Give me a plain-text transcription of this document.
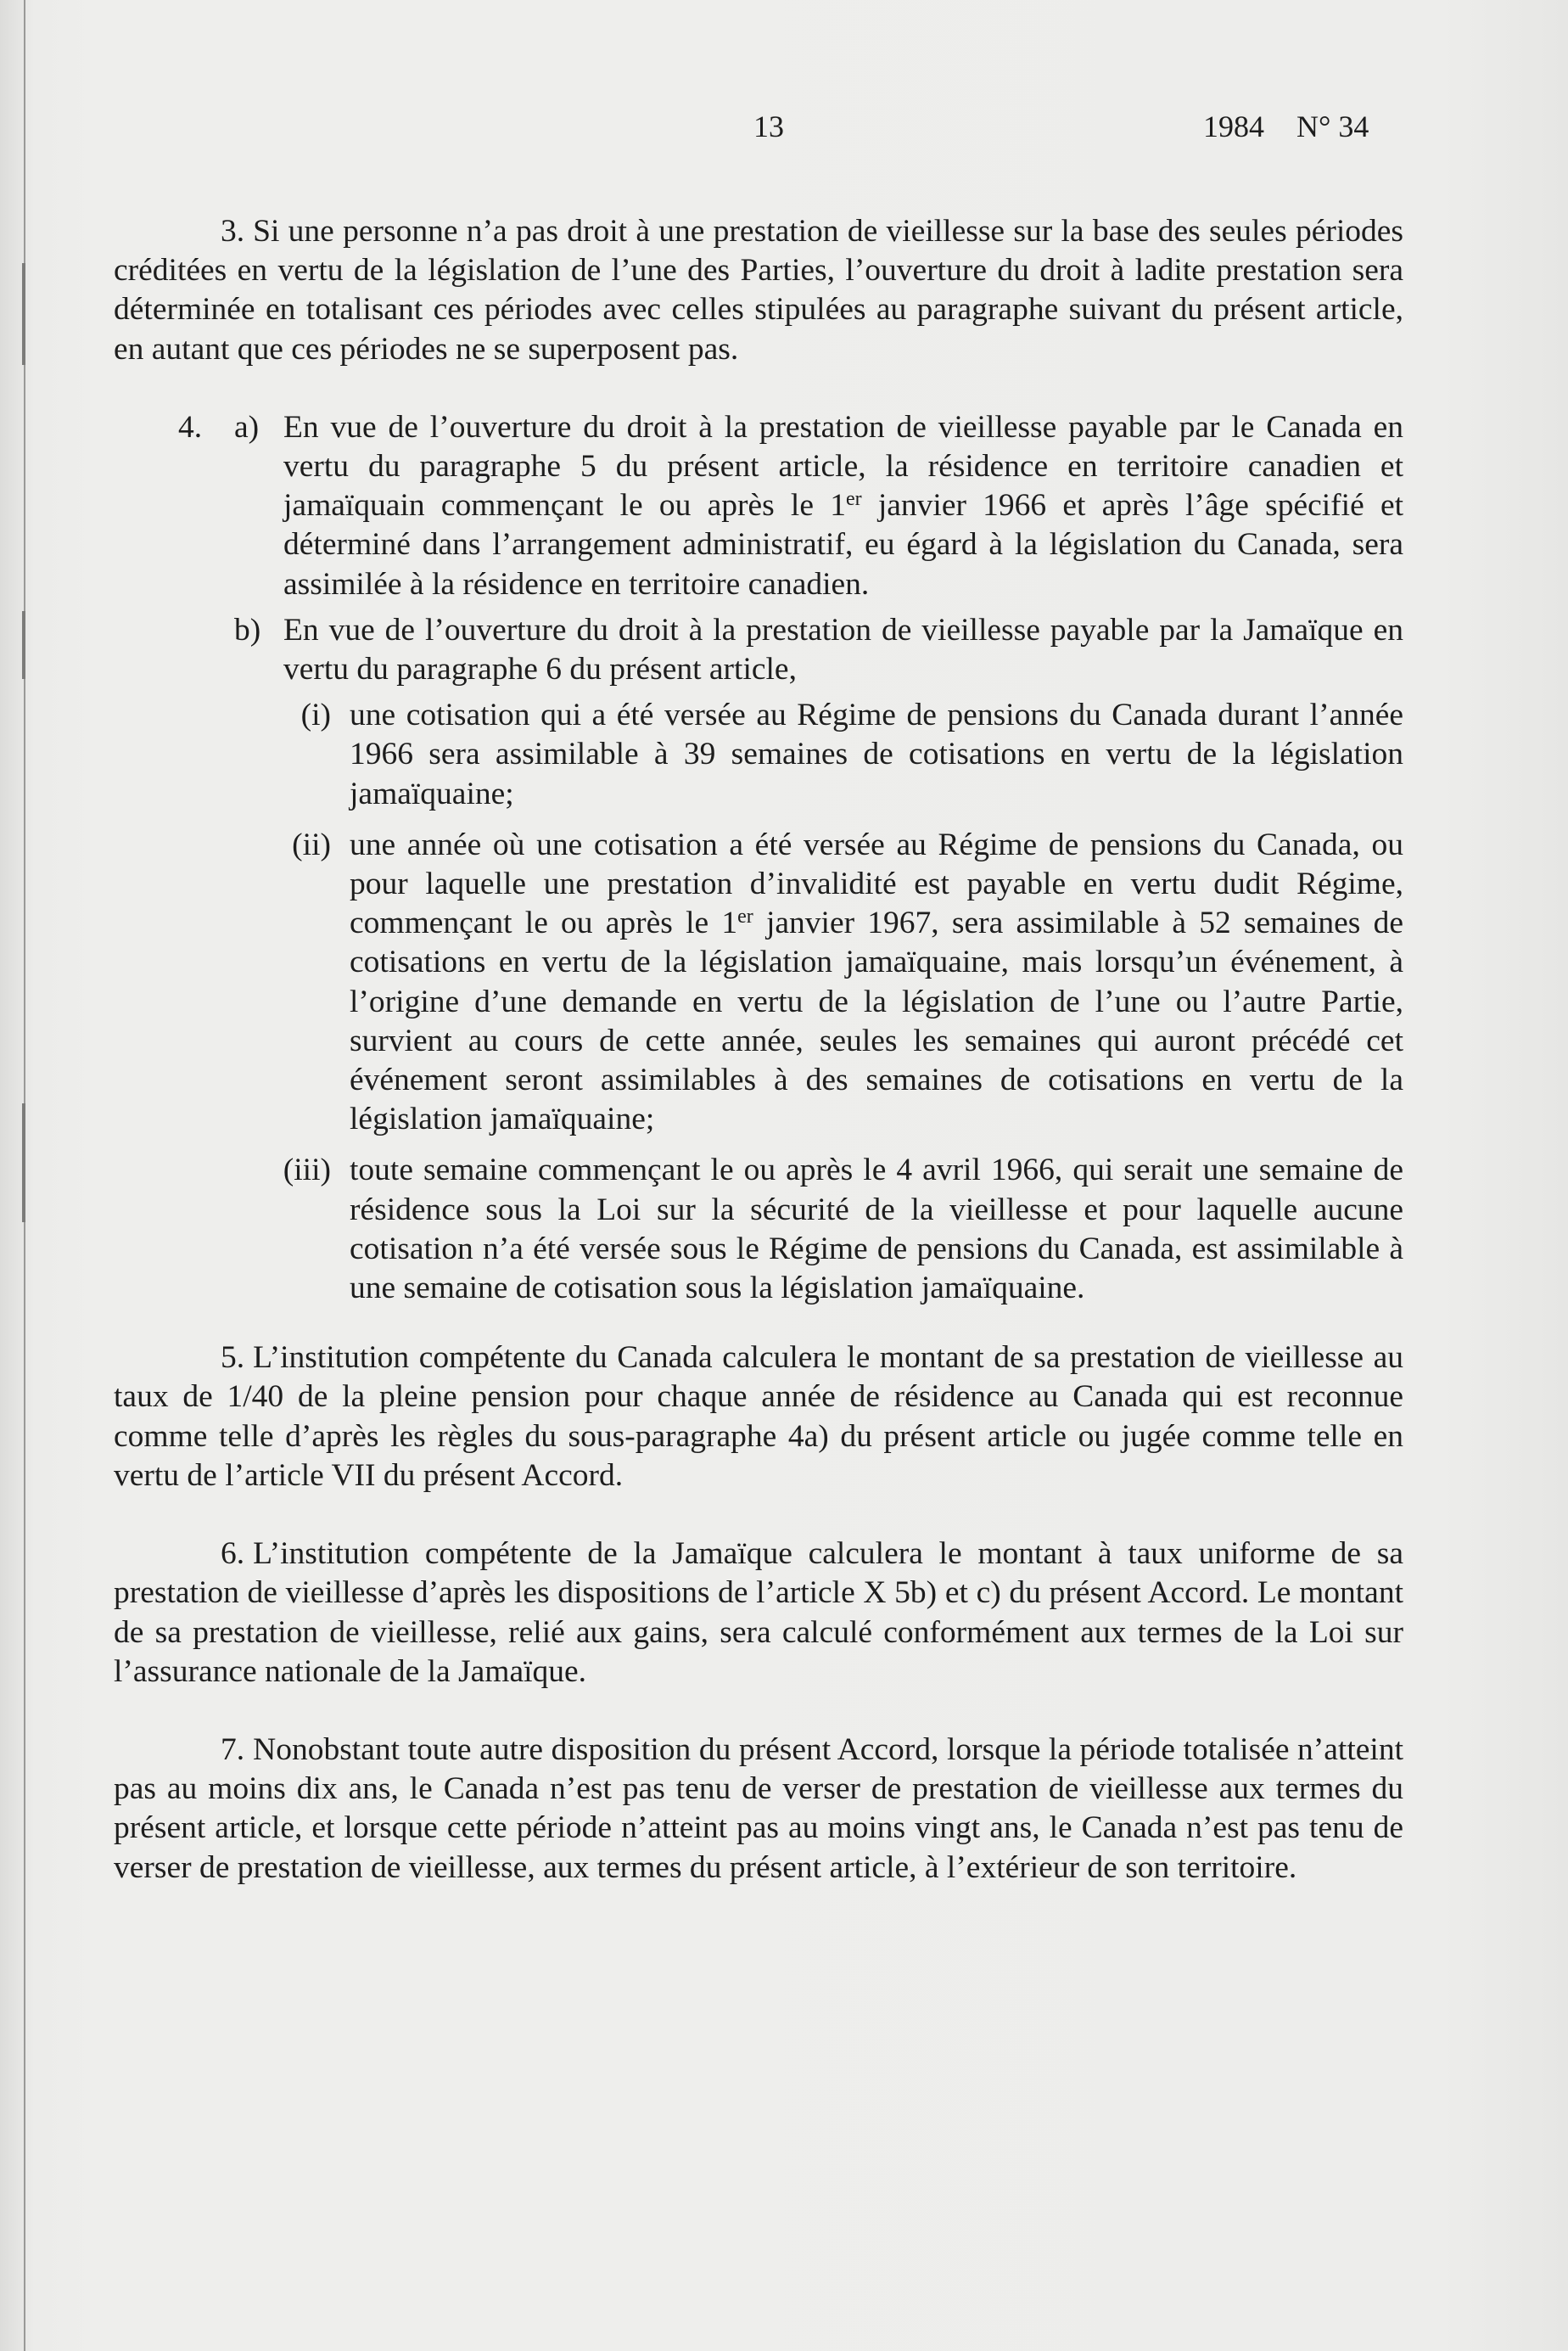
13	1984 N° 34

3. Si une personne n’a pas droit à une prestation de vieillesse sur la base des seules périodes créditées en vertu de la législation de l’une des Parties, l’ouverture du droit à ladite prestation sera déterminée en totalisant ces périodes avec celles stipulées au paragraphe suivant du présent article, en autant que ces périodes ne se superposent pas.

4. a) En vue de l’ouverture du droit à la prestation de vieillesse payable par le Canada en vertu du paragraphe 5 du présent article, la résidence en territoire canadien et jamaïquain commençant le ou après le 1er janvier 1966 et après l’âge spécifié et déterminé dans l’arrangement administratif, eu égard à la législation du Canada, sera assimilée à la résidence en territoire canadien.

b) En vue de l’ouverture du droit à la prestation de vieillesse payable par la Jamaïque en vertu du paragraphe 6 du présent article,

(i) une cotisation qui a été versée au Régime de pensions du Canada durant l’année 1966 sera assimilable à 39 semaines de cotisations en vertu de la législation jamaïquaine;

(ii) une année où une cotisation a été versée au Régime de pensions du Canada, ou pour laquelle une prestation d’invalidité est payable en vertu dudit Régime, commençant le ou après le 1er janvier 1967, sera assimilable à 52 semaines de cotisations en vertu de la législation jamaïquaine, mais lorsqu’un événement, à l’origine d’une demande en vertu de la législation de l’une ou l’autre Partie, survient au cours de cette année, seules les semaines qui auront précédé cet événement seront assimilables à des semaines de cotisations en vertu de la législation jamaïquaine;

(iii) toute semaine commençant le ou après le 4 avril 1966, qui serait une semaine de résidence sous la Loi sur la sécurité de la vieillesse et pour laquelle aucune cotisation n’a été versée sous le Régime de pensions du Canada, est assimilable à une semaine de cotisation sous la législation jamaïquaine.

5. L’institution compétente du Canada calculera le montant de sa prestation de vieillesse au taux de 1/40 de la pleine pension pour chaque année de résidence au Canada qui est reconnue comme telle d’après les règles du sous-paragraphe 4a) du présent article ou jugée comme telle en vertu de l’article VII du présent Accord.

6. L’institution compétente de la Jamaïque calculera le montant à taux uniforme de sa prestation de vieillesse d’après les dispositions de l’article X 5b) et c) du présent Accord. Le montant de sa prestation de vieillesse, relié aux gains, sera calculé conformément aux termes de la Loi sur l’assurance nationale de la Jamaïque.

7. Nonobstant toute autre disposition du présent Accord, lorsque la période totalisée n’atteint pas au moins dix ans, le Canada n’est pas tenu de verser de prestation de vieillesse aux termes du présent article, et lorsque cette période n’atteint pas au moins vingt ans, le Canada n’est pas tenu de verser de prestation de vieillesse, aux termes du présent article, à l’extérieur de son territoire.
